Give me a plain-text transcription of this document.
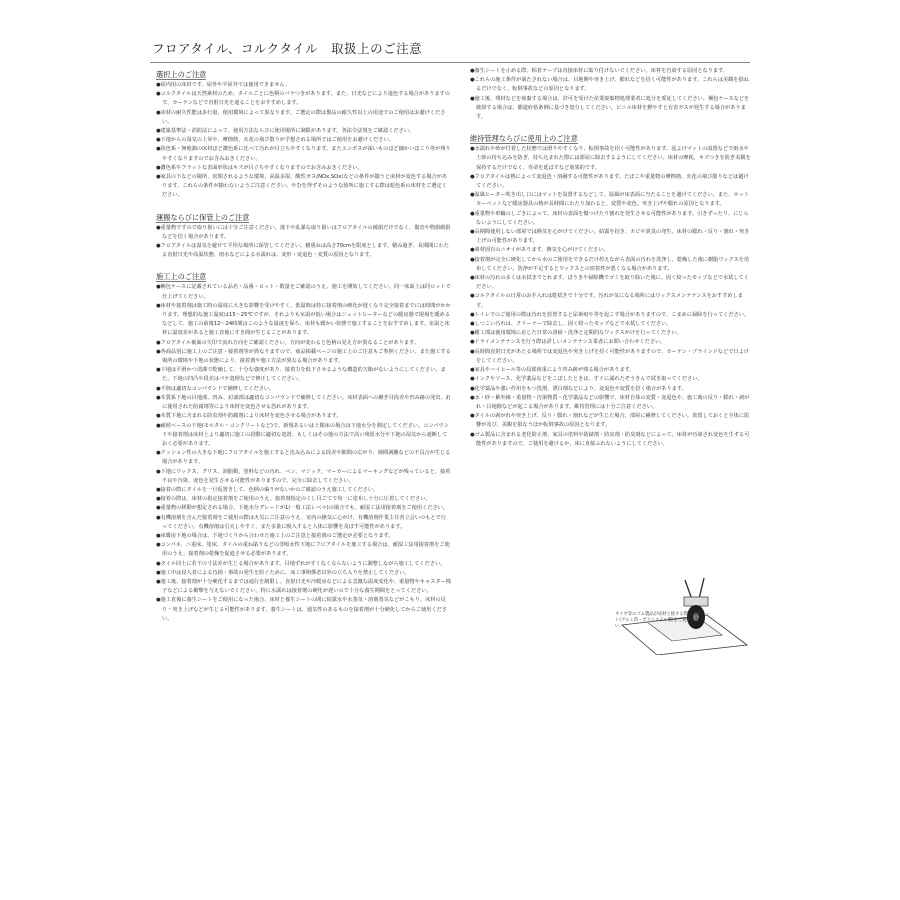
フロアタイル、コルクタイル　取扱上のご注意
選択上のご注意
●屋内用の床材です。屋外や半屋外では使用できません。
●コルクタイルは天然素材のため、タイルごとに色柄のバラつきがあります。また、日光などにより退色する場合がありますので、カーテンなどで直射日光を遮ることをおすすめします。
●床材の耐久性能は歩行量、使用環境によって異なります。ご選定の際は製品の耐久性以上の用途でのご使用はお避けください。
●建築基準法・消防法によって、使用方法ならびに使用場所に制限があります。各法令法規をご確認ください。
●下地からの湿気の上昇や、摩擦熱、火花の飛び散りが予想される場所ではご使用をお避けください。
●淡色系・無地調の床材ほど濃色系に比べて汚れが目立ちやすくなります。またエンボスが深いものほど細かいほこり等が残りやすくなりますのでお含みおきください。
●濃色系やフラットな表面形状はキズが目立ちやすくなりますのでお含みおきください。
●家具の下などの陽所、密閉されるような環境、高温多湿、酸性ガス(NOx,SOx)などの条件が揃うと床材が変色する場合があります。これらの条件が揃わないようご注意ください。やむを得ずそのような箇所に施工する際は暗色系の床材をご選定ください。
運搬ならびに保管上のご注意
●重量物ですので取り扱いには十分ご注意ください。落下や乱暴な取り扱いはフロアタイルの破損だけでなく、傷害や物損破損などを招く場合があります。
●フロアタイルは湿気を避けて平坦な場所に保管してください。積重ねは高さ70cmを限度とします。積み過ぎ、長期間にわたる直射日光や高温状態、雨水などによる水濡れは、変形・変退色・変質の原因となります。
施工上のご注意
●梱包ケースに記載されている品名・品番・ロット・数量をご確認のうえ、施工を開始してください。同一床面上は同ロットで仕上げてください。
●床材や接着剤は施工時の温度に大きな影響を受けやすく、低温時は特に接着剤の硬化が遅くなり完全接着までには時間がかかります。理想的な施工温度は15～25℃ですが、それよりも室温が低い場合はジェットヒーターなどの暖房器で現場を暖めるなどして、施工の前後12～24時間はこのような温度を保ち、床材も暖かい状態で施工することをおすすめします。室温と床材に温度差があると施工直後にすき間が生じることがあります。
●フロアタイル裏面の矢印で流れ方向をご確認ください。方向が変わると色柄の見え方が異なることがあります。
●各商品別に施工上のご注意・接着剤等が異なりますので、商品掲載ページの施工上のご注意もご参照ください。また施工する場所の環境や下地の状態により、接着剤や施工方法が異なる場合があります。
●下地は平滑かつ清潔で乾燥して、十分な強度があり、接着力を低下させるような構造的欠陥がないようにしてください。また、下地の凹凸や段差はパテ処理などで修正してください。
●不陸は適切なコンパウンドで補修してください。
●木質系下地の目地部、凹み、釘頭部は適切なコンパウンドで補修してください。床材表面への継ぎ目段差や凹み跡の発出、釘に使用された防錆剤等により床材を変色させる恐れがあります。
●木質下地に含まれる防虫剤や防腐剤により床材を変色させる場合があります。
●耐候ベースの下地(モルタル・コンクリートなど)で、新規あるいは土間床の場合は下地水分を測定してください。コンパウンドや接着剤は床材上より適切に施工の段階に適切な処置、もしくはその他の方法で高い残留水分や下地の湿気から遮断しておく必要があります。
●クッション性の大きな下地にフロアタイルを施工すると沈み込みによる段差や隙間の広がり、層間剥離などの不具合が生じる場合があります。
●下地にワックス、グリス、油脂類、塗料などの汚れ、ペン、マジック、マーカーによるマーキングなどが残っていると、接着不良や汚染、変色を発生させる可能性がありますので、完全に除去してください。
●接着の際にタイルを一旦仮置きして、色柄の偏りがないかのご確認のうえ施工してください。
●接着の際は、床材の指定接着剤をご使用のうえ、接着剤指定のくし目ごてで均一に塗布し十分に圧着してください。
●重量物の移動が想定される場合、下地水分グレードが1(一般工法レベル)の場合でも、耐湿工法用接着剤をご使用ください。
●有機溶剤を含んだ接着剤をご使用の際は火気にご注意のうえ、室内の換気に心がけ、有機溶剤作業主任者立会いのもとで行ってください。有機溶剤は引火しやすく、また多量に吸入すると人体に影響を及ぼす可能性があります。
●床暖房下地の場合は、下地づくりから合わせた施工上のご注意と接着剤のご選定が必要となります。
●コンパネ、ニ重床、塗床、タイルの重ね貼りなどの非吸水性下地にフロアタイルを施工する場合は、耐湿工法用接着剤をご使用のうえ、接着剤の乾燥を促進させる必要があります。
●タイル同士に若干の寸法差が生じる場合があります。目地ずれがすくなくならないように調整しながら施工してください。
●施工中は侵入者による汚損・事故の発生を防ぐために、床工事関係者以外の立ち入りを禁止してください。
●施工後、接着剤が十分硬化するまでは通行を制限し、直射日光や冷暖房などによる急激な温度変化や、重量物やキャスター椅子などによる衝撃を与えないでください。特に水濡れは接着剤の硬化が遅いので十分な養生期間をとってください。
●施工直後に養生シートをご使用になった場合、床材と養生シートの間に結露水や水蒸気・溶剤蒸気などがこもり、床材の反り・突き上げなどが生じる可能性があります。養生シートは、通気性のあるものを接着剤が十分硬化してからご使用ください。
●養生シートを止める際、粘着テープは直接床材に貼り付けないでください。床材を汚染する原因となります。
●これらの施工条件が満たされない場合は、目地開や突き上げ、膨れなどを招く可能性があります。これらは美観を損ねるだけでなく、転倒事故などの原因となります。
●施工後、残材などを廃棄する場合は、許可を受けた産業廃棄物処理業者に処分を委託してください。梱包ケースなどを焼却する場合は、都道府県条例に基づき処分してください。ビニル床材を燃やすと有害ガスが発生する場合があります。
維持管理ならびに使用上のご注意
●水濡れや砂が付着した状態では滑りやすくなり、転倒事故を招く可能性があります。泥よけマットの設置などで雨水や土砂の持ち込みを防ぎ、持ち込まれた際には部屋に除去するようにしてください。床材の摩耗、キズつきを防ぎ美観を保持するだけでなく、寿命を延ばすなど効果的です。
●フロアタイルは熱によって変退色・溶融する可能性があります。たばこや重量物の摩擦熱、火花の飛び散りなどは避けてください。
●温風ヒーター吹き出し口にはマットを設置するなどして、温風が床表面に当たることを避けてください。また、ホットカーペットなど暖房器具の熱が長時間にわたり加わると、変質や変色、突き上げや膨れの原因となります。
●重量物や車輪のしごきによって、床材の表面を傷つけたり割れを発生させる可能性があります。引きずったり、にじらないようにしてください。
●長期間使用しない部屋では換気を心がけてください。結露を招き、カビや異臭の発生、床材の膨れ・反り・割れ・突き上げの可能性があります。
●素材固有のニオイがあります。換気を心がけてください。
●接着剤が完全に硬化してから水のご使用をできるだけ控えながら表面の汚れを洗浄し、乾燥した後に樹脂ワックスを塗布してください。洗浄が不足するとワックスとの密着性が悪くなる場合があります。
●床材の汚れの多くは水拭きでとれます。ほうきや掃除機でゴミを取り除いた後に、固く絞ったモップなどで水拭してください。
●コルクタイルの日常のお手入れは乾拭きで十分です。汚れが気になる場所にはワックスメンテナンスをおすすめします。
●トイレでのご使用の際は汚れを放置すると尿素痕や等を起こす場合がありますので、こまめに掃除を行ってください。
●しつこい汚れは、クリーナーで除去し、固く絞ったモップなどで水拭してください。
●樹工部は使用環境に応じた日常の清掃・洗浄と定期的なワックスがけを行ってください。
●ドライメンテナンスを行う際は詳しいメンテナンス業者にお問い合わせください。
●長時間直射日光があたる場所では変退色や突き上げを招く可能性がありますので、カーテン・ブラインドなどで日よけをしてください。
●家具やハイヒール等の局部荷重により凹み跡が残る場合があります。
●インクやソース、化学薬品などをこぼしたときは、すぐに濡れたぞうきんで拭き取ってください。
●化学薬品や強い作用をもつ洗剤、漂白剤などにより、変退色や変質を招く場合があります。
●水・砂・紫外線・重量物・汚染物質・化学薬品などの影響で、床材自体の変質・変退色や、施工後の反り・膨れ・剥がれ・目地隙などが起こる場合があります。維持管理には十分ご注意ください。
●タイルの剥がれや突き上げ、反り・膨れ・割れなどが生じた場合、部屋に補修してください。放置しておくと全体に影響が及び、美観を損なうほか転倒事故の原因となります。
●ゴム製品に含まれる老化防止剤、家具の塗料や防錆剤・防虫剤・防臭剤などによって、床材が汚染され変色を生ずる可能性がありますので、ご使用を避けるか、床に直接ふれないようにしてください。
タイヤ等のゴム製品が床材と接する際は保護シート(アルミ箔・ポリエステル製)をご使用ください。
